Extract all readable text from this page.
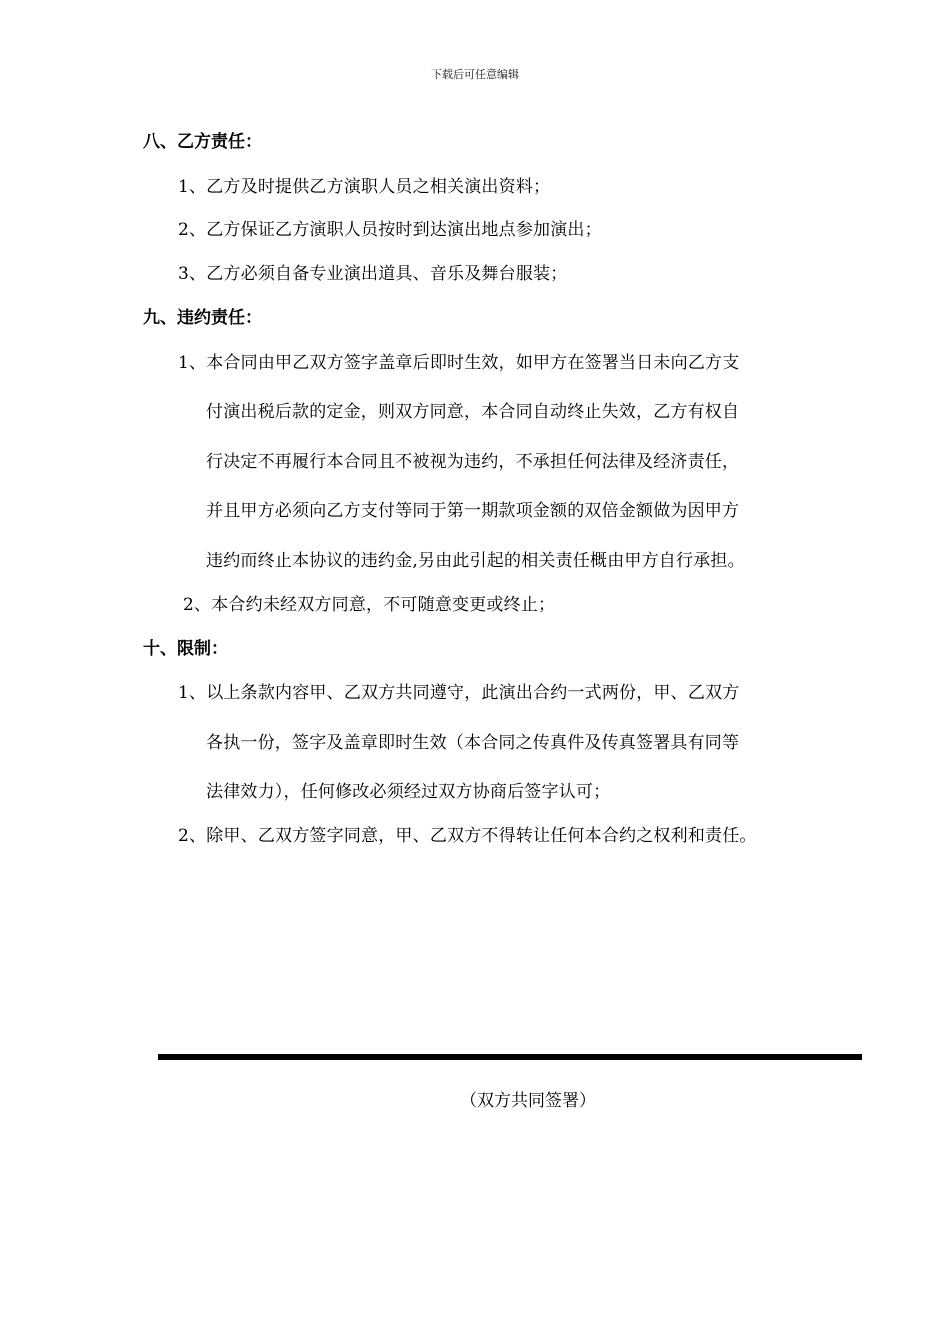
下载后可任意编辑
八、乙方责任：
1、乙方及时提供乙方演职人员之相关演出资料；
2、乙方保证乙方演职人员按时到达演出地点参加演出；
3、乙方必须自备专业演出道具、音乐及舞台服装；
九、违约责任：
1、本合同由甲乙双方签字盖章后即时生效，如甲方在签署当日未向乙方支
付演出税后款的定金，则双方同意，本合同自动终止失效，乙方有权自
行决定不再履行本合同且不被视为违约，不承担任何法律及经济责任，
并且甲方必须向乙方支付等同于第一期款项金额的双倍金额做为因甲方
违约而终止本协议的违约金,另由此引起的相关责任概由甲方自行承担。
2、本合约未经双方同意，不可随意变更或终止；
十、限制：
1、以上条款内容甲、乙双方共同遵守，此演出合约一式两份，甲、乙双方
各执一份，签字及盖章即时生效（本合同之传真件及传真签署具有同等
法律效力），任何修改必须经过双方协商后签字认可；
2、除甲、乙双方签字同意，甲、乙双方不得转让任何本合约之权利和责任。
（双方共同签署）
